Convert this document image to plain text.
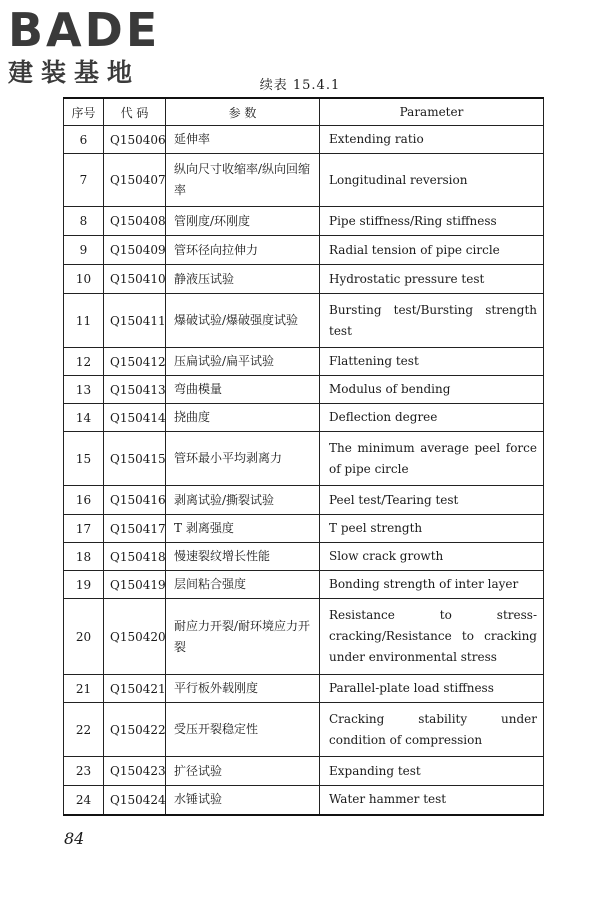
BADE
建装基地	续表 15.4.1
序号	代 码	参 数	Parameter
6	Q150406	延伸率	Extending ratio
7	Q150407	纵向尺寸收缩率/纵向回缩率	Longitudinal reversion
8	Q150408	管刚度/环刚度	Pipe stiffness/Ring stiffness
9	Q150409	管环径向拉伸力	Radial tension of pipe circle
10	Q150410	静液压试验	Hydrostatic pressure test
11	Q150411	爆破试验/爆破强度试验	Bursting test/Bursting strength test
12	Q150412	压扁试验/扁平试验	Flattening test
13	Q150413	弯曲模量	Modulus of bending
14	Q150414	挠曲度	Deflection degree
15	Q150415	管环最小平均剥离力	The minimum average peel force of pipe circle
16	Q150416	剥离试验/撕裂试验	Peel test/Tearing test
17	Q150417	T 剥离强度	T peel strength
18	Q150418	慢速裂纹增长性能	Slow crack growth
19	Q150419	层间粘合强度	Bonding strength of inter layer
20	Q150420	耐应力开裂/耐环境应力开裂	Resistance to stress-cracking/Resistance to cracking under environmental stress
21	Q150421	平行板外载刚度	Parallel-plate load stiffness
22	Q150422	受压开裂稳定性	Cracking stability under condition of compression
23	Q150423	扩径试验	Expanding test
24	Q150424	水锤试验	Water hammer test
84
